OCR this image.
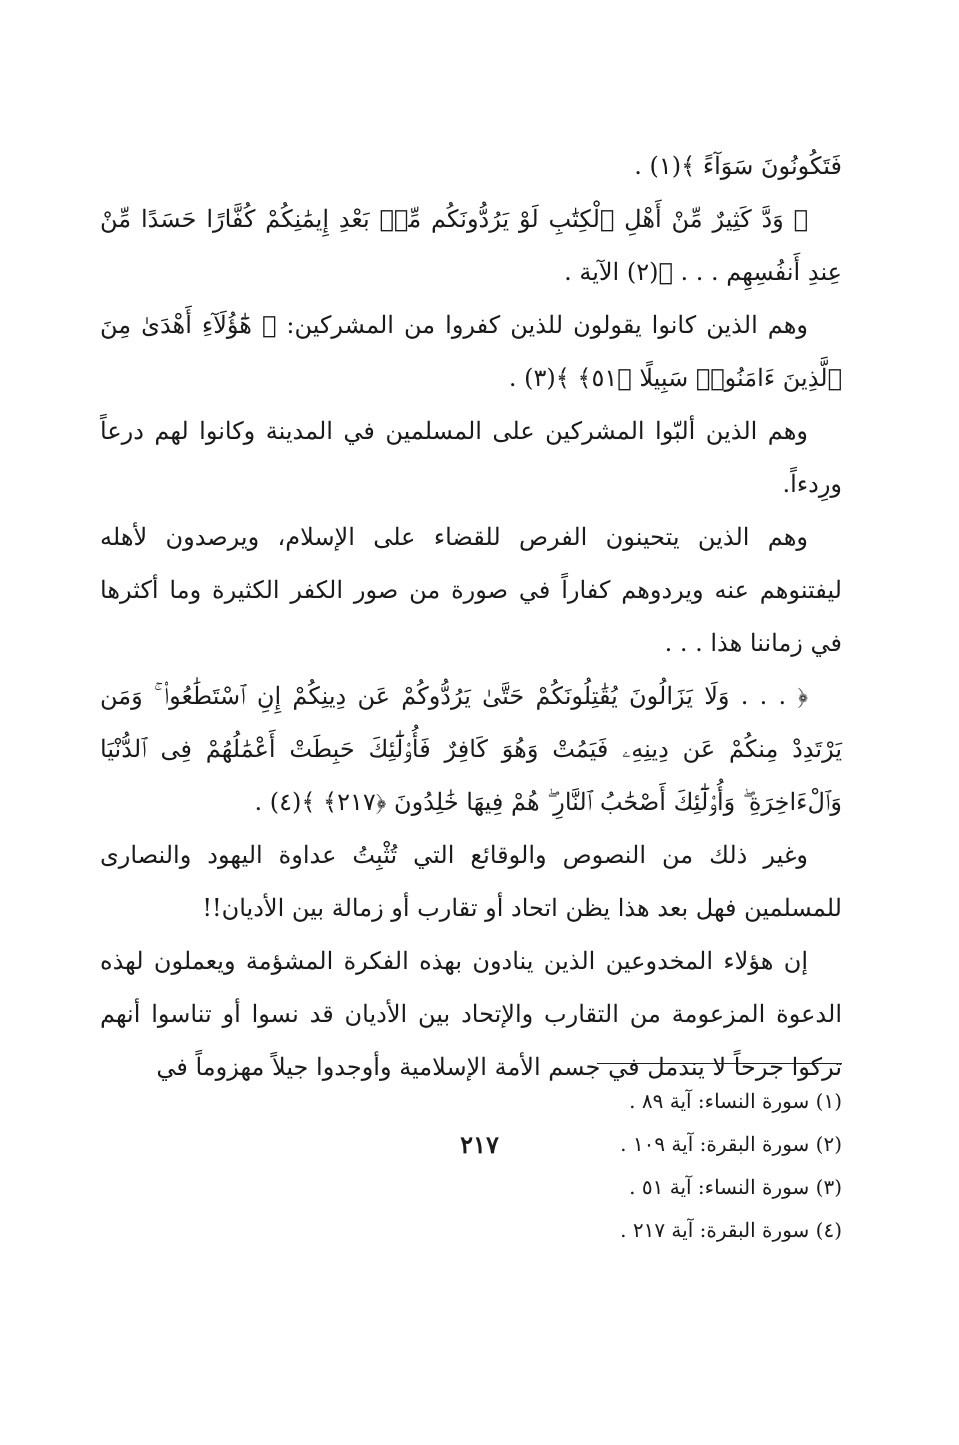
فَتَكُونُونَ سَوَآءً ﴾(١) .

﴿ وَدَّ كَثِيرٌ مِّنْ أَهْلِ ٱلْكِتَٰبِ لَوْ يَرُدُّونَكُم مِّنۢ بَعْدِ إِيمَٰنِكُمْ كُفَّارًا حَسَدًا مِّنْ عِندِ أَنفُسِهِم . . . ﴾(٢) الآية .

وهم الذين كانوا يقولون للذين كفروا من المشركين: ﴿ هَٰٓؤُلَآءِ أَهْدَىٰ مِنَ ٱلَّذِينَ ءَامَنُوا۟ سَبِيلًا ﴿٥١﴾ ﴾(٣) .

وهم الذين ألبّوا المشركين على المسلمين في المدينة وكانوا لهم درعاً ورِدءاً.

وهم الذين يتحينون الفرص للقضاء على الإسلام، ويرصدون لأهله ليفتنوهم عنه ويردوهم كفاراً في صورة من صور الكفر الكثيرة وما أكثرها في زماننا هذا . . .

﴿ . . . وَلَا يَزَالُونَ يُقَٰتِلُونَكُمْ حَتَّىٰ يَرُدُّوكُمْ عَن دِينِكُمْ إِنِ ٱسْتَطَٰعُوا۟ ۚ وَمَن يَرْتَدِدْ مِنكُمْ عَن دِينِهِۦ فَيَمُتْ وَهُوَ كَافِرٌ فَأُو۟لَٰٓئِكَ حَبِطَتْ أَعْمَٰلُهُمْ فِى ٱلدُّنْيَا وَٱلْءَاخِرَةِ ۖ وَأُو۟لَٰٓئِكَ أَصْحَٰبُ ٱلنَّارِ ۖ هُمْ فِيهَا خَٰلِدُونَ ﴿٢١٧﴾ ﴾(٤) .

وغير ذلك من النصوص والوقائع التي تُثْبِتُ عداوة اليهود والنصارى للمسلمين فهل بعد هذا يظن اتحاد أو تقارب أو زمالة بين الأديان!!

إن هؤلاء المخدوعين الذين ينادون بهذه الفكرة المشؤمة ويعملون لهذه الدعوة المزعومة من التقارب والإتحاد بين الأديان قد نسوا أو تناسوا أنهم تركوا جرحاً لا يندمل في جسم الأمة الإسلامية وأوجدوا جيلاً مهزوماً في

(١) سورة النساء: آية ٨٩ .
(٢) سورة البقرة: آية ١٠٩ .
(٣) سورة النساء: آية ٥١ .
(٤) سورة البقرة: آية ٢١٧ .
٢١٧
